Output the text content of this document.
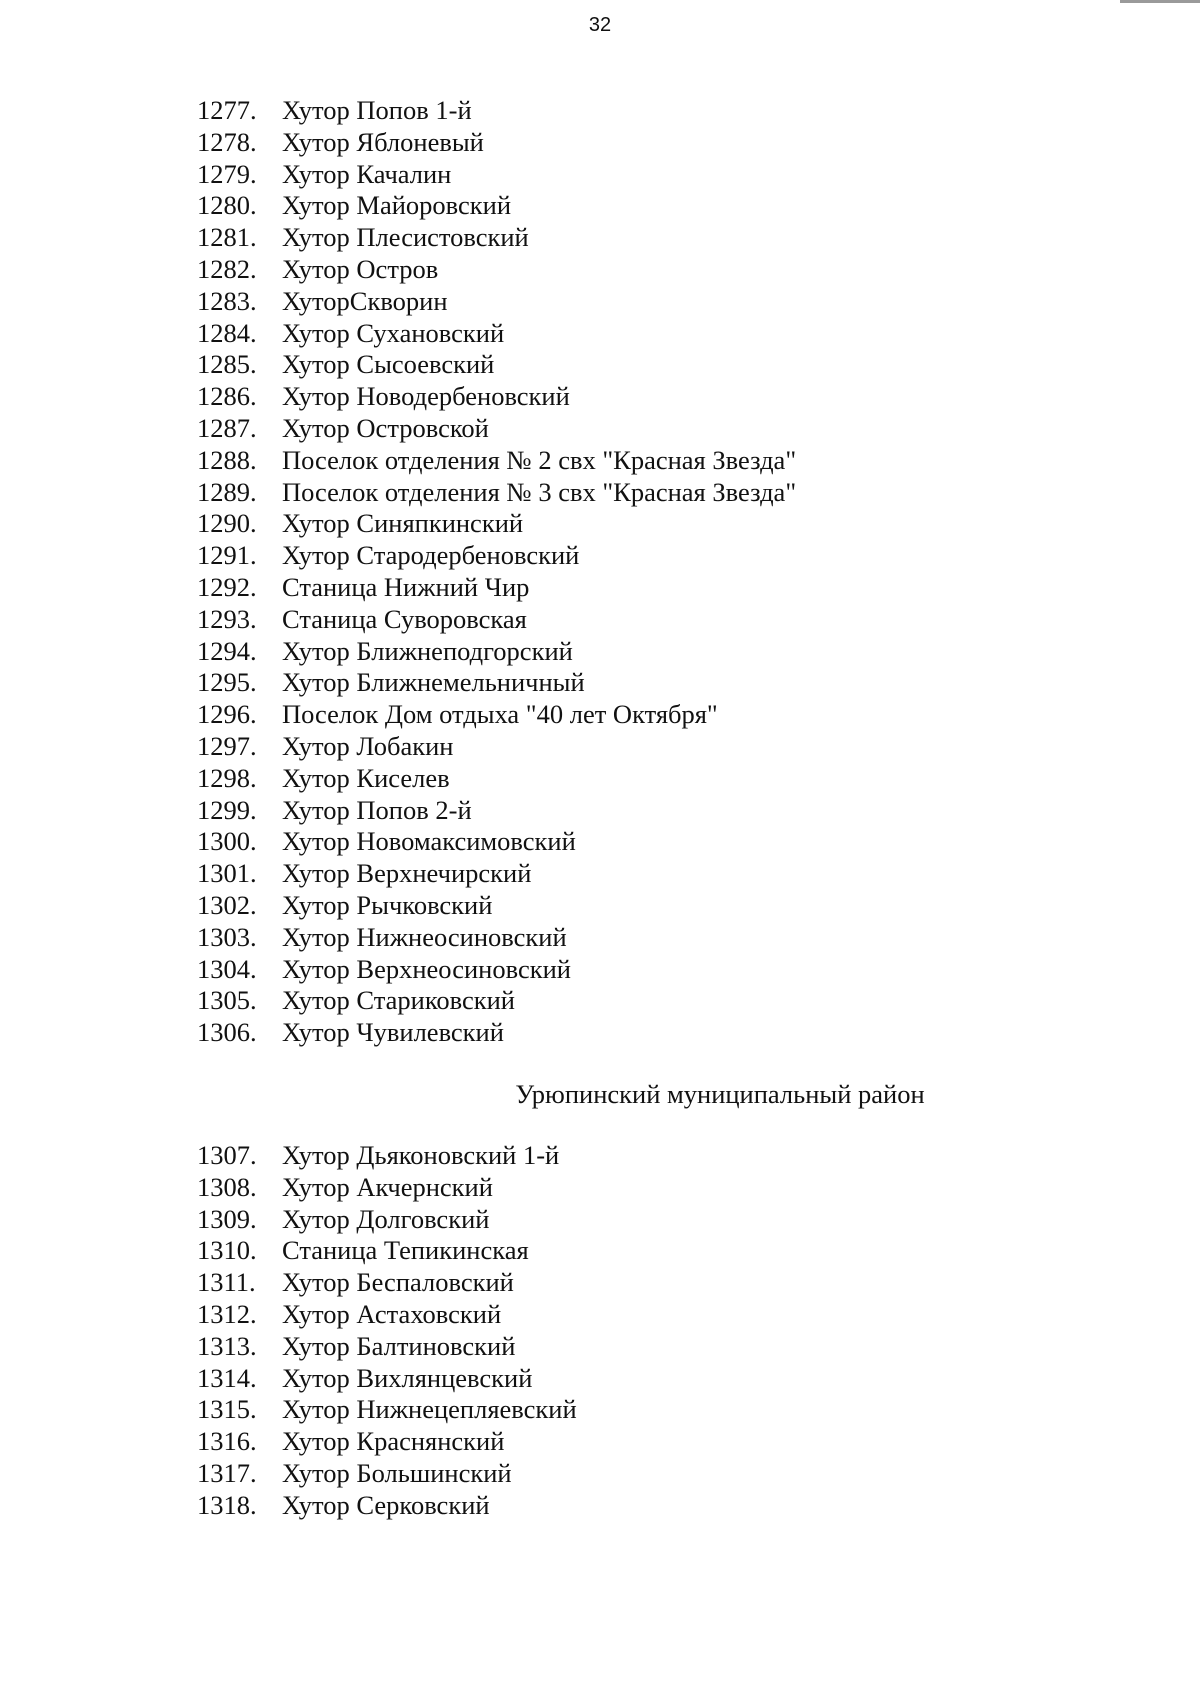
32
1277. Хутор Попов 1-й
1278. Хутор Яблоневый
1279. Хутор Качалин
1280. Хутор Майоровский
1281. Хутор Плесистовский
1282. Хутор Остров
1283. ХуторСкворин
1284. Хутор Сухановский
1285. Хутор Сысоевский
1286. Хутор Новодербеновский
1287. Хутор Островской
1288. Поселок отделения № 2 свх "Красная Звезда"
1289. Поселок отделения № 3 свх "Красная Звезда"
1290. Хутор Синяпкинский
1291. Хутор Стародербеновский
1292. Станица Нижний Чир
1293. Станица Суворовская
1294. Хутор Ближнеподгорский
1295. Хутор Ближнемельничный
1296. Поселок Дом отдыха "40 лет Октября"
1297. Хутор Лобакин
1298. Хутор Киселев
1299. Хутор Попов 2-й
1300. Хутор Новомаксимовский
1301. Хутор Верхнечирский
1302. Хутор Рычковский
1303. Хутор Нижнеосиновский
1304. Хутор Верхнеосиновский
1305. Хутор Стариковский
1306. Хутор Чувилевский
Урюпинский муниципальный район
1307. Хутор Дьяконовский 1-й
1308. Хутор Акчернский
1309. Хутор Долговский
1310. Станица Тепикинская
1311. Хутор Беспаловский
1312. Хутор Астаховский
1313. Хутор Балтиновский
1314. Хутор Вихлянцевский
1315. Хутор Нижнецепляевский
1316. Хутор Краснянский
1317. Хутор Большинский
1318. Хутор Серковский
